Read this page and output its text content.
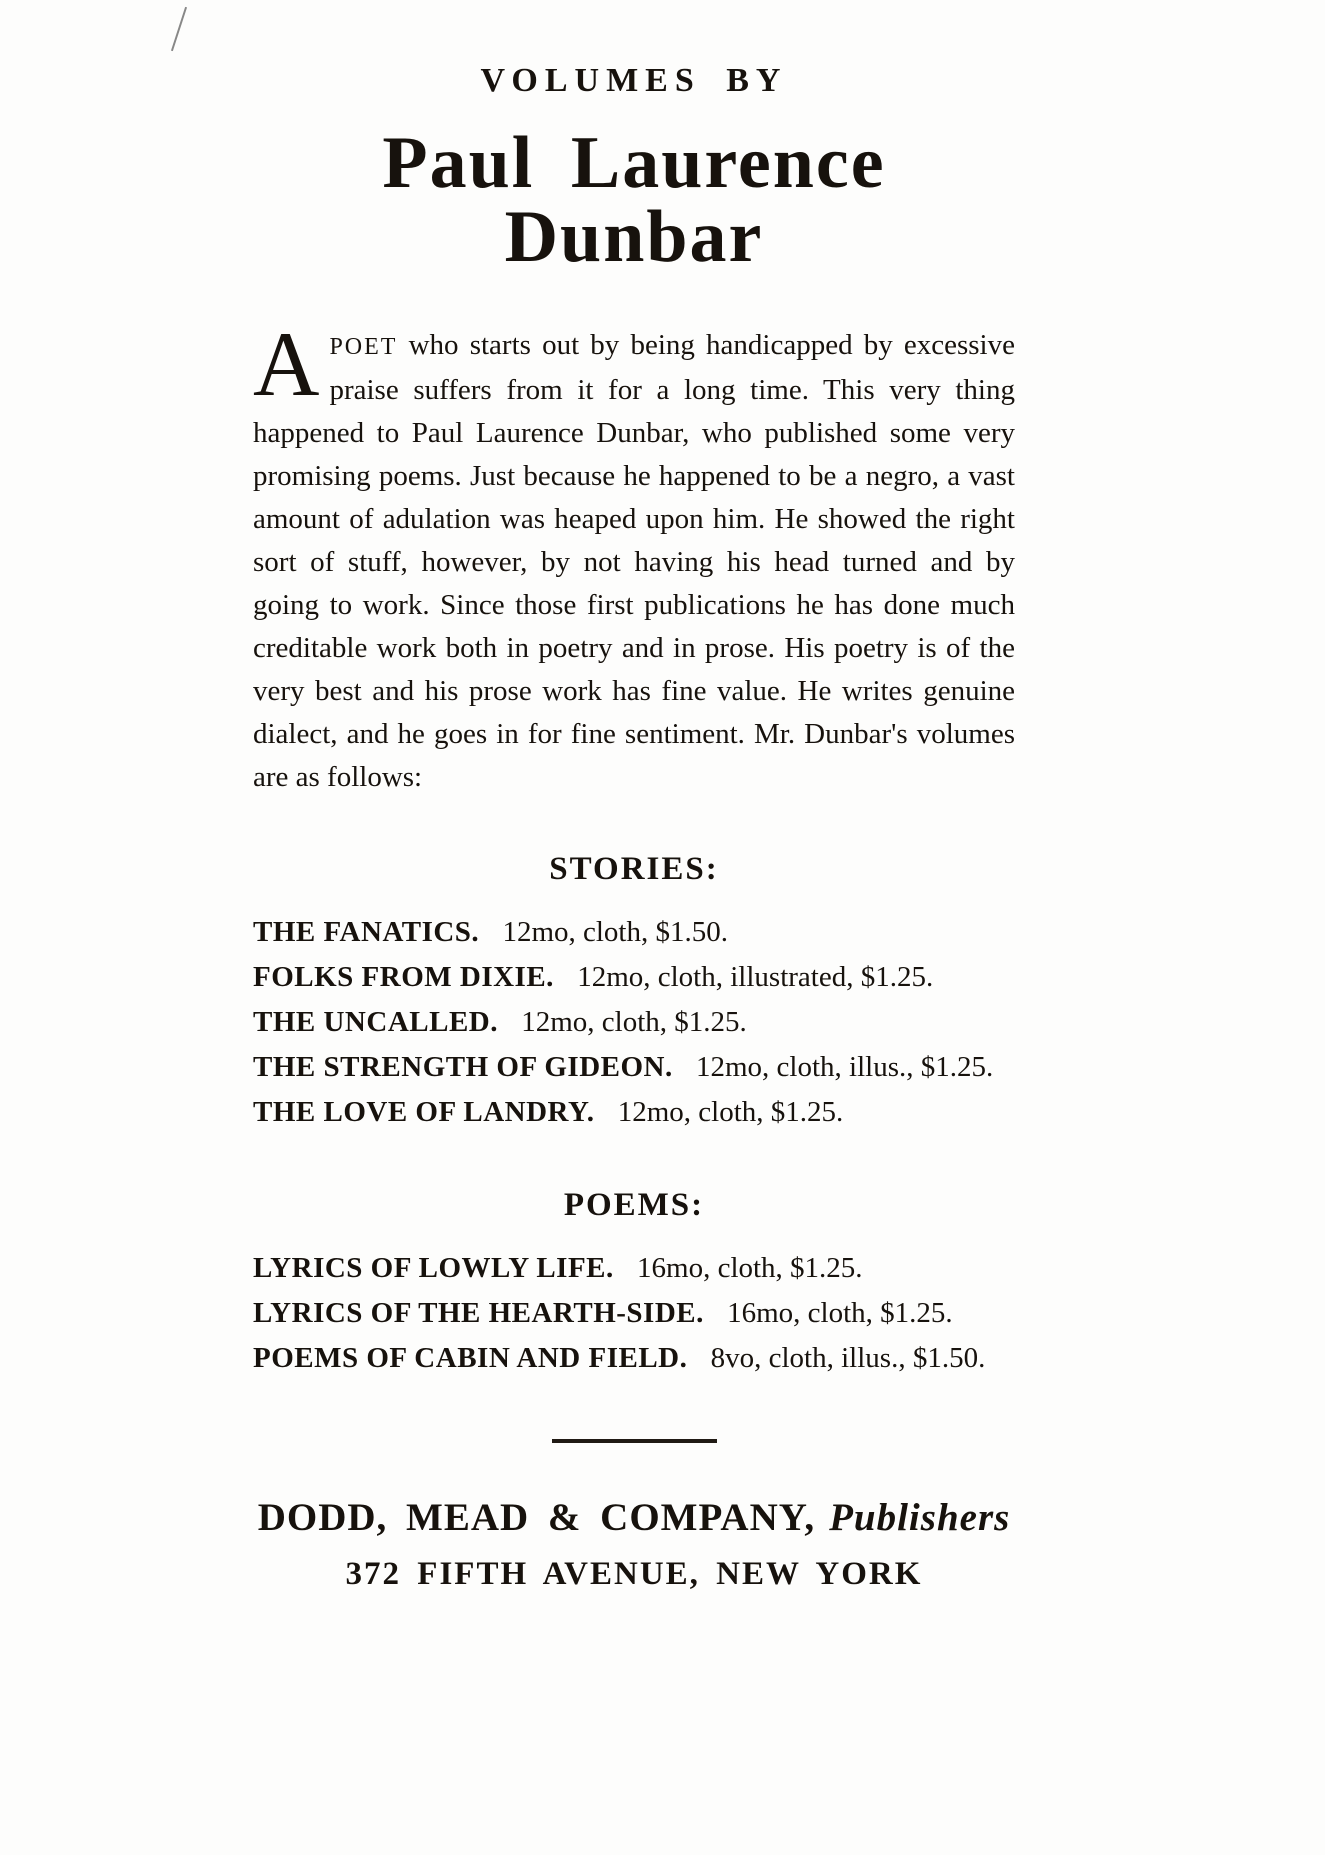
VOLUMES BY
Paul Laurence Dunbar

A POET who starts out by being handicapped by excessive praise suffers from it for a long time. This very thing happened to Paul Laurence Dunbar, who published some very promising poems. Just because he happened to be a negro, a vast amount of adulation was heaped upon him. He showed the right sort of stuff, however, by not having his head turned and by going to work. Since those first publications he has done much creditable work both in poetry and in prose. His poetry is of the very best and his prose work has fine value. He writes genuine dialect, and he goes in for fine sentiment. Mr. Dunbar's volumes are as follows:

STORIES:
THE FANATICS. 12mo, cloth, $1.50.
FOLKS FROM DIXIE. 12mo, cloth, illustrated, $1.25.
THE UNCALLED. 12mo, cloth, $1.25.
THE STRENGTH OF GIDEON. 12mo, cloth, illus., $1.25.
THE LOVE OF LANDRY. 12mo, cloth, $1.25.
POEMS:
LYRICS OF LOWLY LIFE. 16mo, cloth, $1.25.
LYRICS OF THE HEARTH-SIDE. 16mo, cloth, $1.25.
POEMS OF CABIN AND FIELD. 8vo, cloth, illus., $1.50.
DODD, MEAD & COMPANY, Publishers
372 FIFTH AVENUE, NEW YORK
